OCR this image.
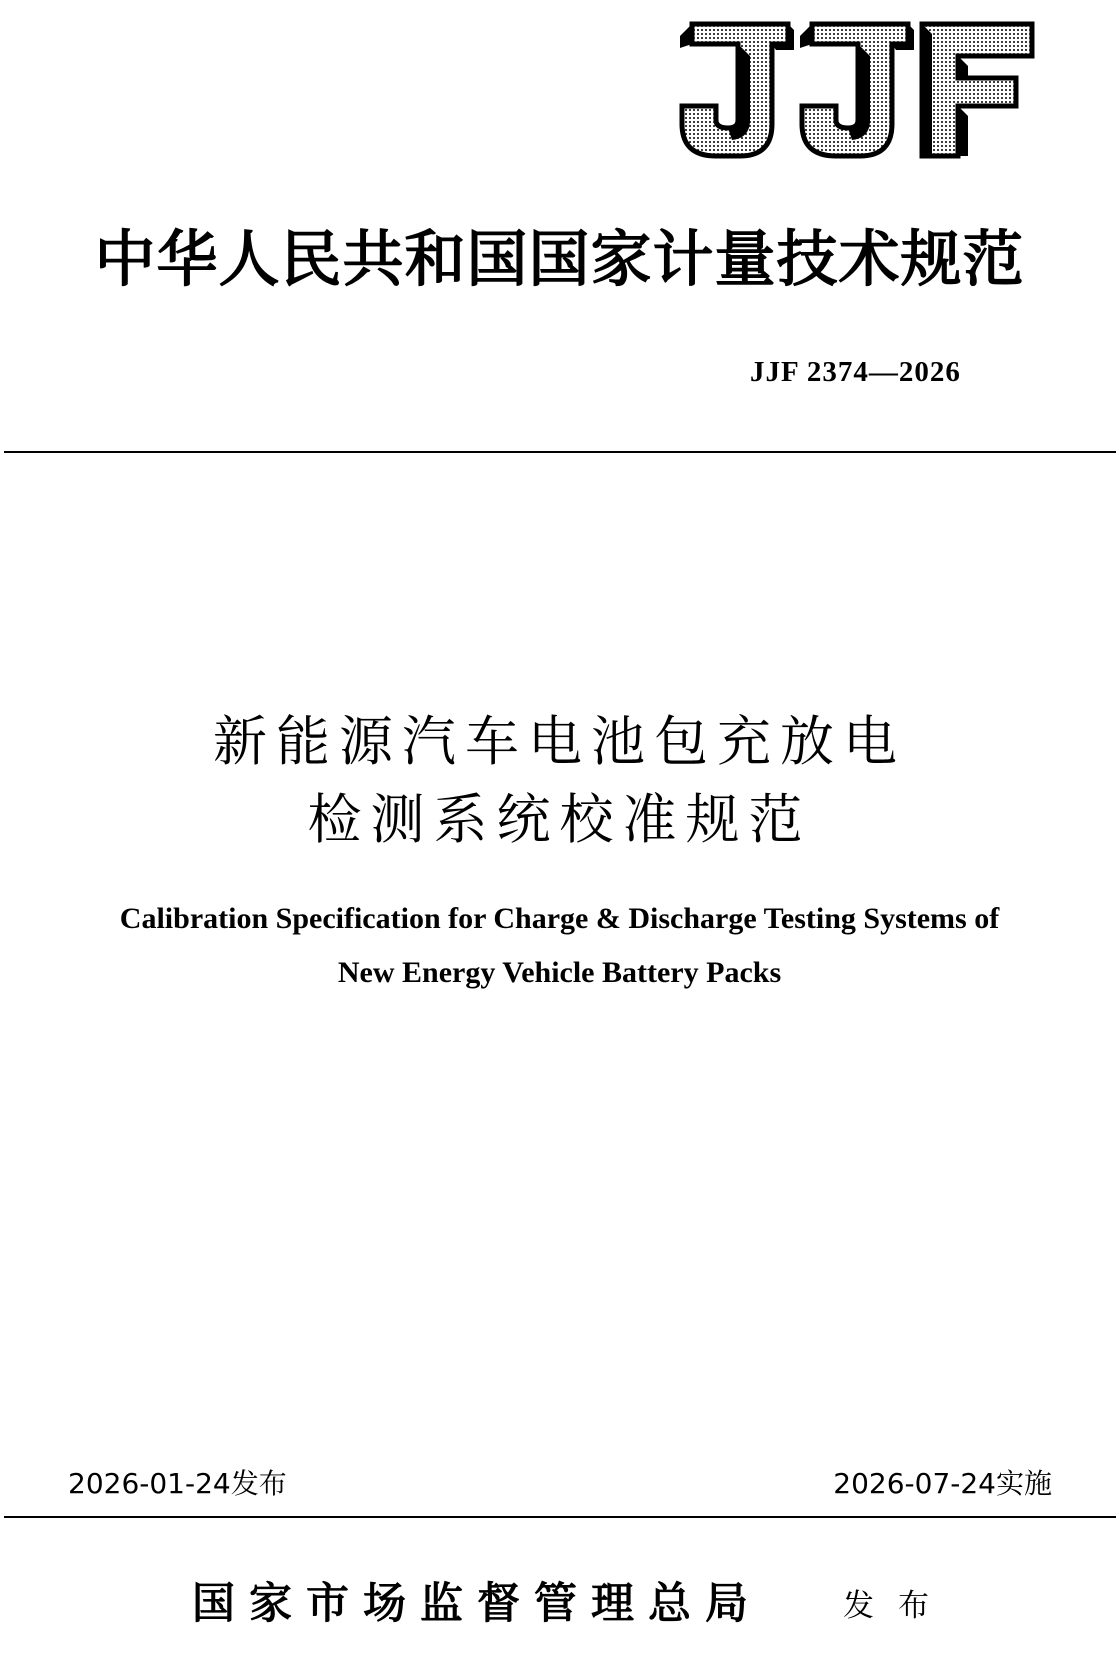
中华人民共和国国家计量技术规范
JJF 2374—2026
新能源汽车电池包充放电
检测系统校准规范
Calibration Specification for Charge & Discharge Testing Systems of
New Energy Vehicle Battery Packs
2026-01-24发布	2026-07-24实施
国家市场监督管理总局	发布
